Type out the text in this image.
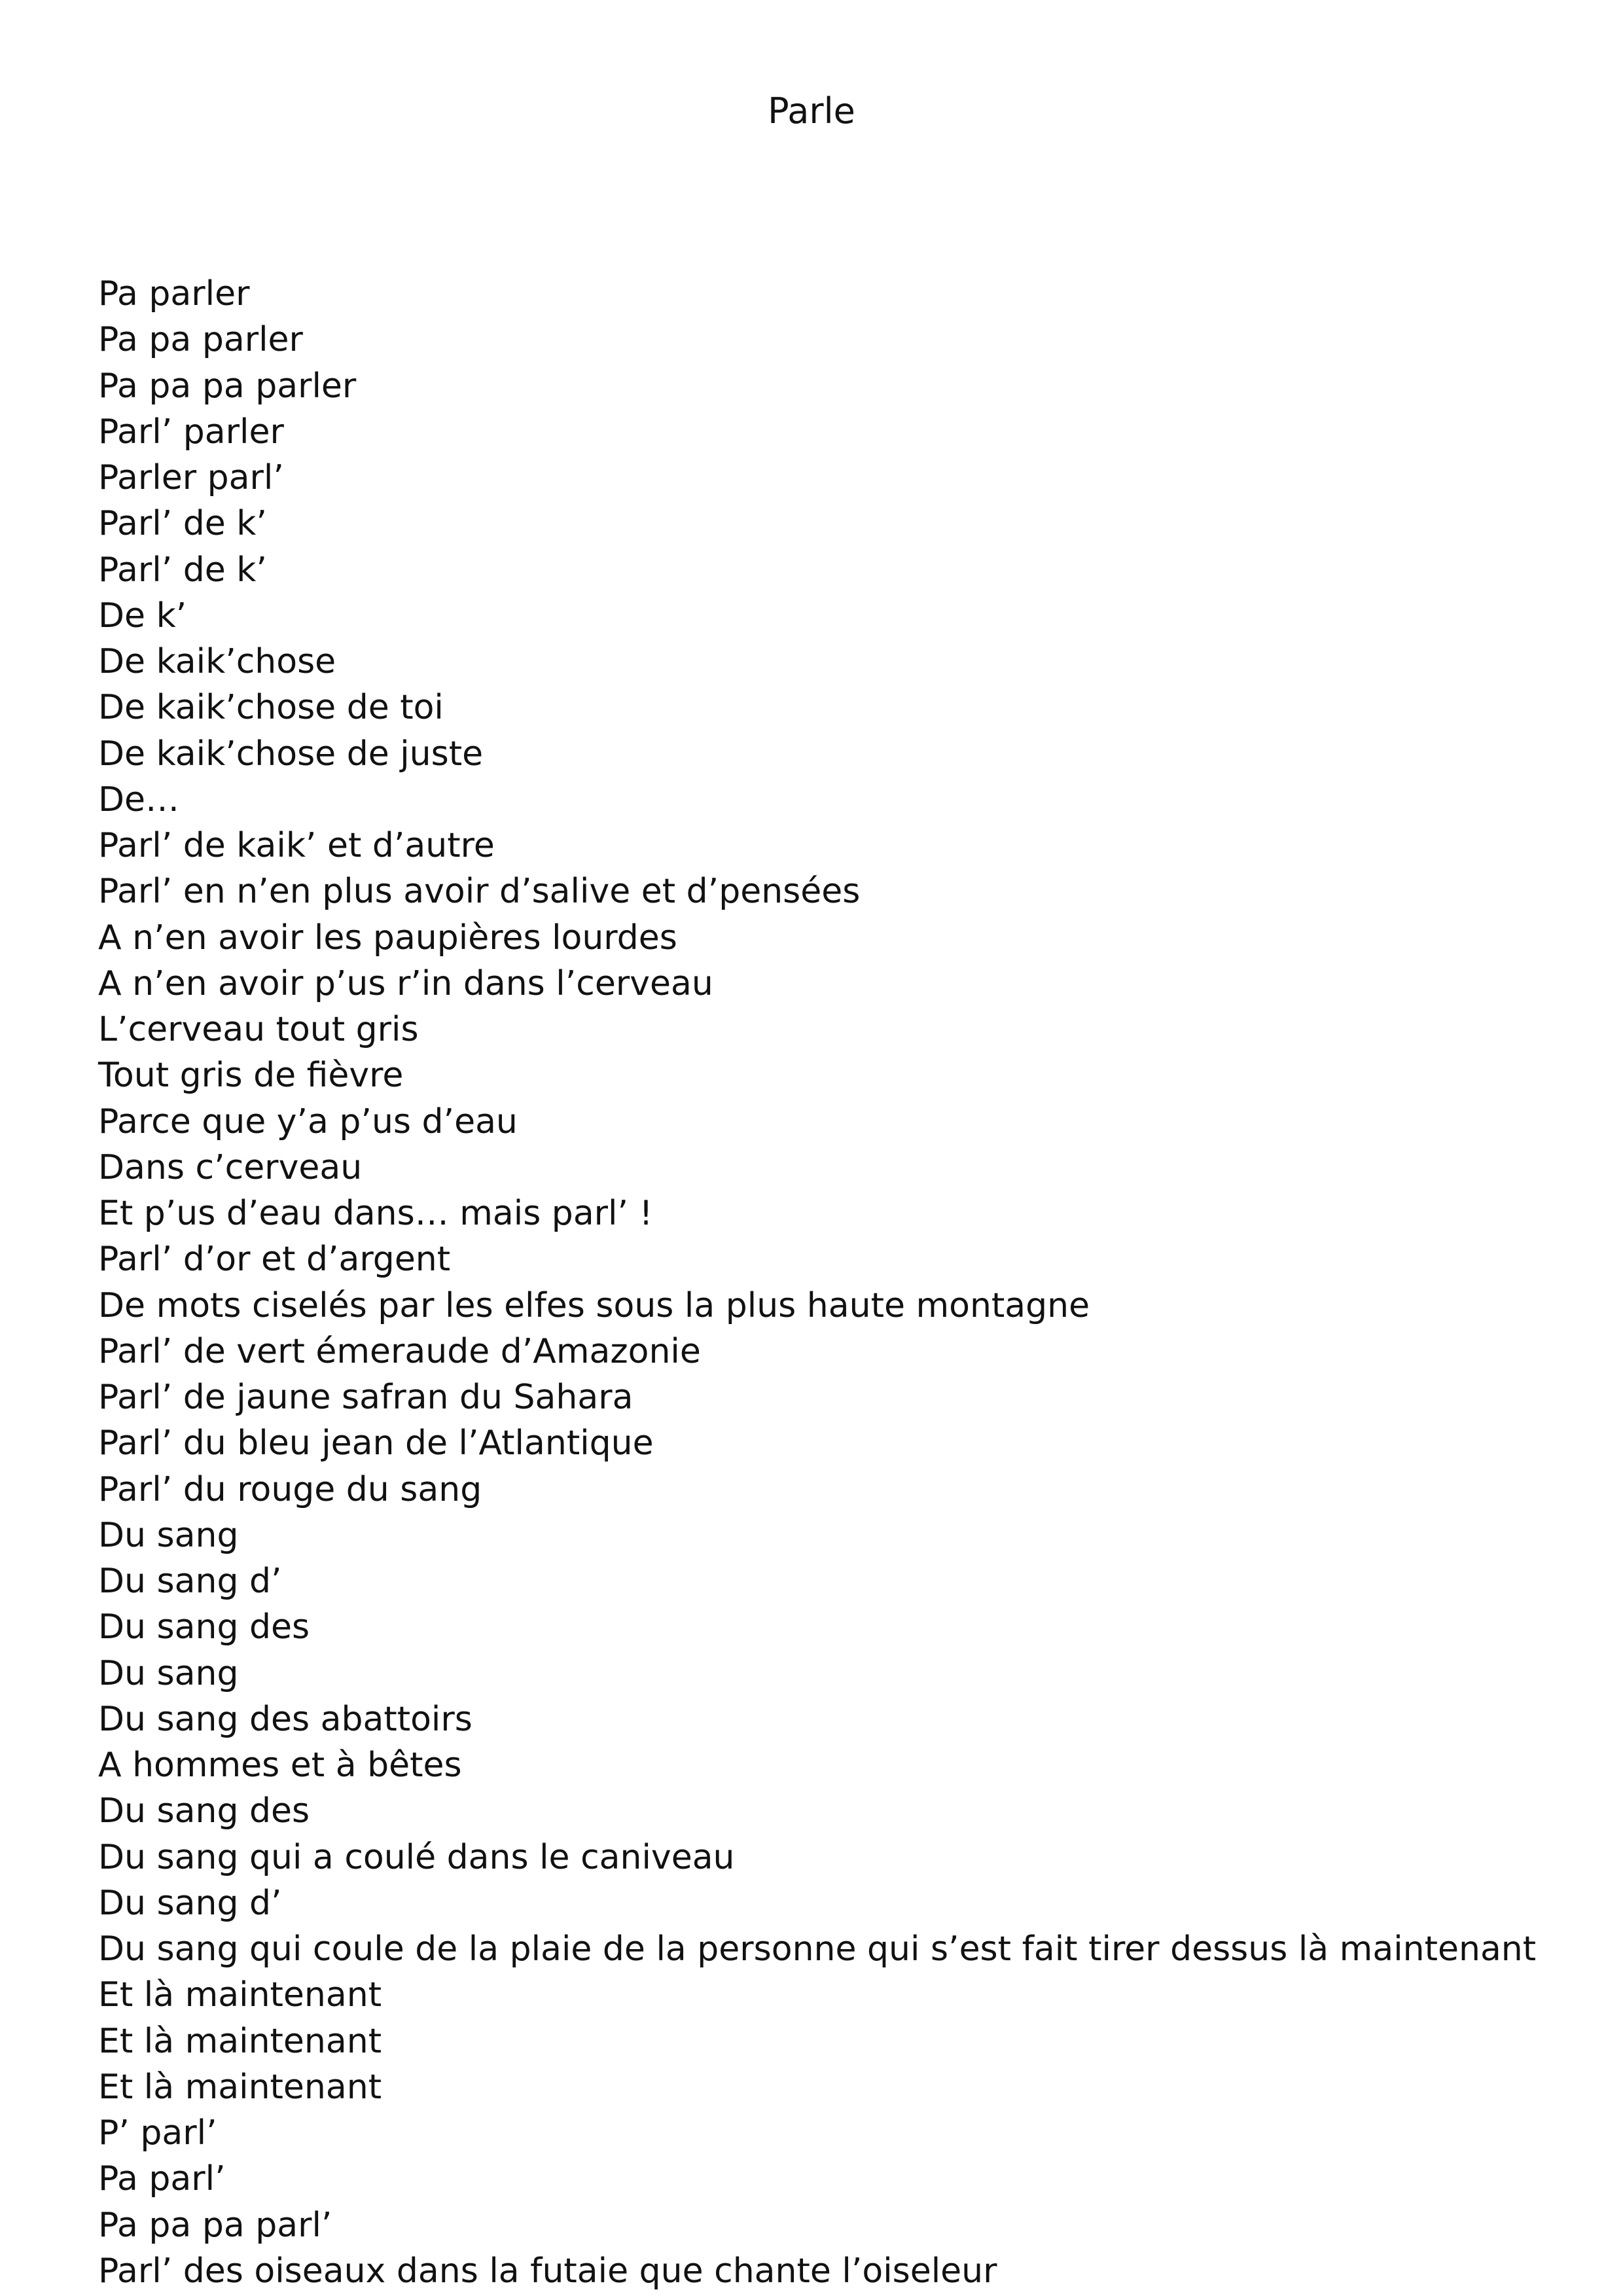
Parle
Pa parler
Pa pa parler
Pa pa pa parler
Parl’ parler
Parler parl’
Parl’ de k’
Parl’ de k’
De k’
De kaik’chose
De kaik’chose de toi
De kaik’chose de juste
De…
Parl’ de kaik’ et d’autre
Parl’ en n’en plus avoir d’salive et d’pensées
A n’en avoir les paupières lourdes
A n’en avoir p’us r’in dans l’cerveau
L’cerveau tout gris
Tout gris de fièvre
Parce que y’a p’us d’eau
Dans c’cerveau
Et p’us d’eau dans… mais parl’ !
Parl’ d’or et d’argent
De mots ciselés par les elfes sous la plus haute montagne
Parl’ de vert émeraude d’Amazonie
Parl’ de jaune safran du Sahara
Parl’ du bleu jean de l’Atlantique
Parl’ du rouge du sang
Du sang
Du sang d’
Du sang des
Du sang
Du sang des abattoirs
A hommes et à bêtes
Du sang des
Du sang qui a coulé dans le caniveau
Du sang d’
Du sang qui coule de la plaie de la personne qui s’est fait tirer dessus là maintenant
Et là maintenant
Et là maintenant
Et là maintenant
P’ parl’
Pa parl’
Pa pa pa parl’
Parl’ des oiseaux dans la futaie que chante l’oiseleur
